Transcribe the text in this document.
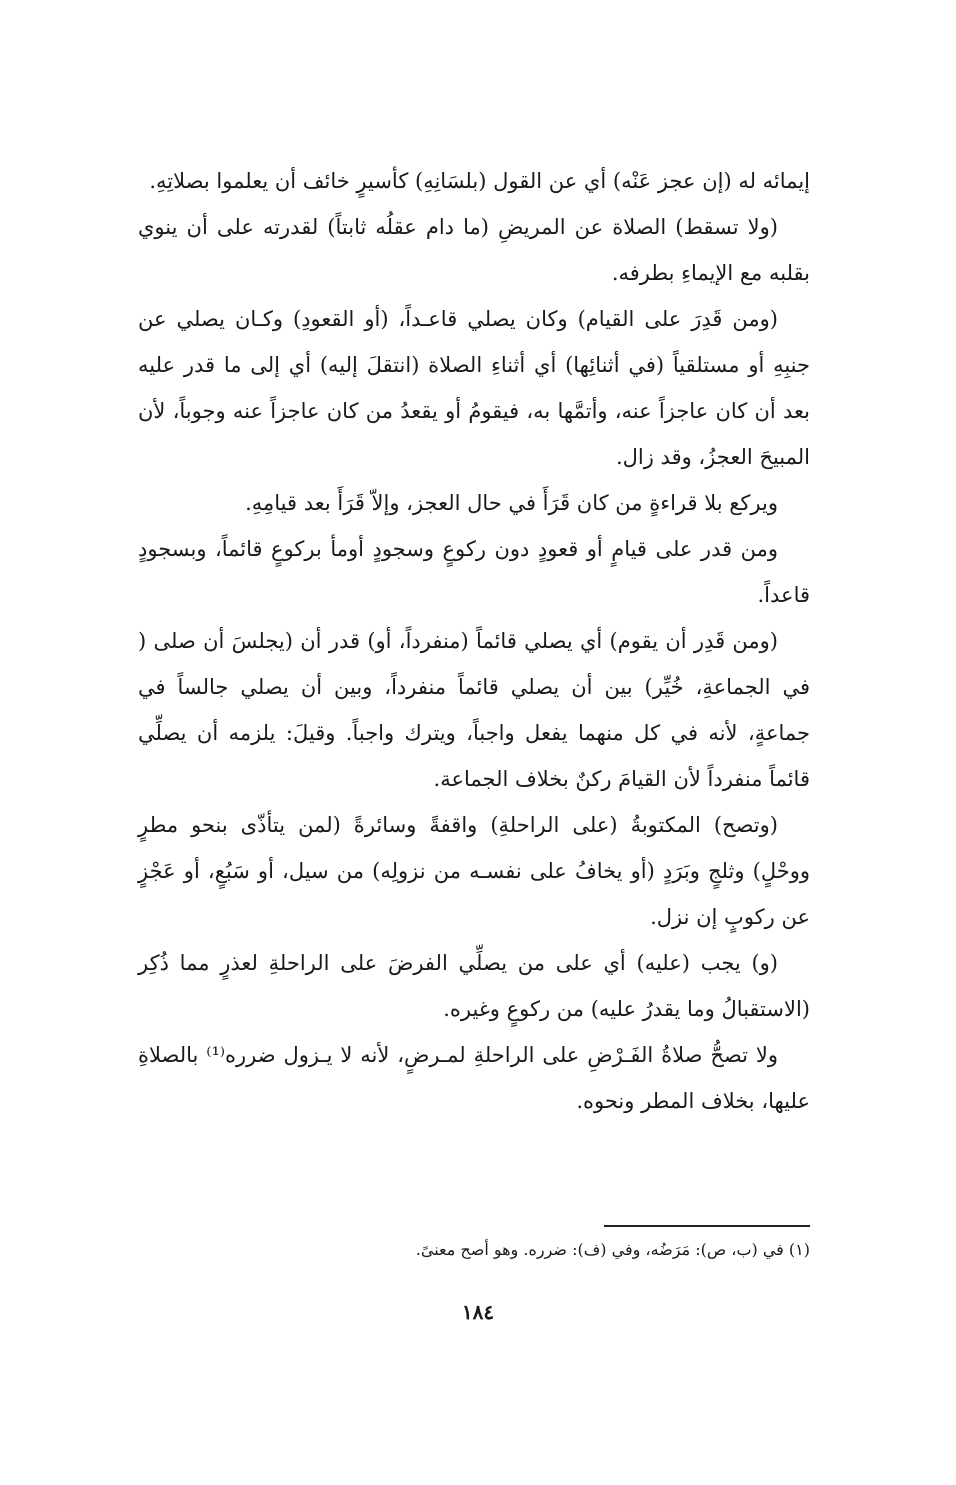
إيمائه له (إن عجز عَنْه) أي عن القول (بلسَانِهِ) كأسيرٍ خائف أن يعلموا بصلاتِهِ.

(ولا تسقط) الصلاة عن المريضِ (ما دام عقلُه ثابتاً) لقدرته على أن ينوي بقلبه مع الإيماءِ بطرفه.

(ومن قَدِرَ على القيام) وكان يصلي قاعـداً، (أو القعودِ) وكـان يصلي عن جنبِهِ أو مستلقياً (في أثنائِها) أي أثناءِ الصلاة (انتقلَ إليه) أي إلى ما قدر عليه بعد أن كان عاجزاً عنه، وأتمَّها به، فيقومُ أو يقعدُ من كان عاجزاً عنه وجوباً، لأن المبيحَ العجزُ، وقد زال.

ويركع بلا قراءةٍ من كان قَرَأَ في حال العجز، وإلاّ قَرَأَ بعد قيامِهِ.

ومن قدر على قيامٍ أو قعودٍ دون ركوعٍ وسجودٍ أومأ بركوعٍ قائماً، وبسجودٍ قاعداً.

(ومن قَدِر أن يقوم) أي يصلي قائماً (منفرداً، أو) قدر أن (يجلسَ أن صلى ( في الجماعةِ، خُيِّر) بين أن يصلي قائماً منفرداً، وبين أن يصلي جالساً في جماعةٍ، لأنه في كل منهما يفعل واجباً، ويترك واجباً. وقيلَ: يلزمه أن يصلِّي قائماً منفرداً لأن القيامَ ركنٌ بخلاف الجماعة.

(وتصح) المكتوبةُ (على الراحلةِ) واقفةً وسائرةً (لمن يتأذّى بنحو مطرٍ ووحْلٍ) وثلجٍ وبَرَدٍ (أو يخافُ على نفسـه من نزولِه) من سيل، أو سَبُعٍ، أو عَجْزٍ عن ركوبٍ إن نزل.

(و) يجب (عليه) أي على من يصلِّي الفرضَ على الراحلةِ لعذرٍ مما ذُكِر (الاستقبالُ وما يقدرُ عليه) من ركوعٍ وغيره.

ولا تصحُّ صلاةُ الفَـرْضِ على الراحلةِ لمـرضٍ، لأنه لا يـزول ضرره⁽¹⁾ بالصلاةِ عليها، بخلاف المطر ونحوه.

(١) في (ب، ص): مَرَضُه، وفي (ف): ضرره. وهو أصح معنىً.

١٨٤
